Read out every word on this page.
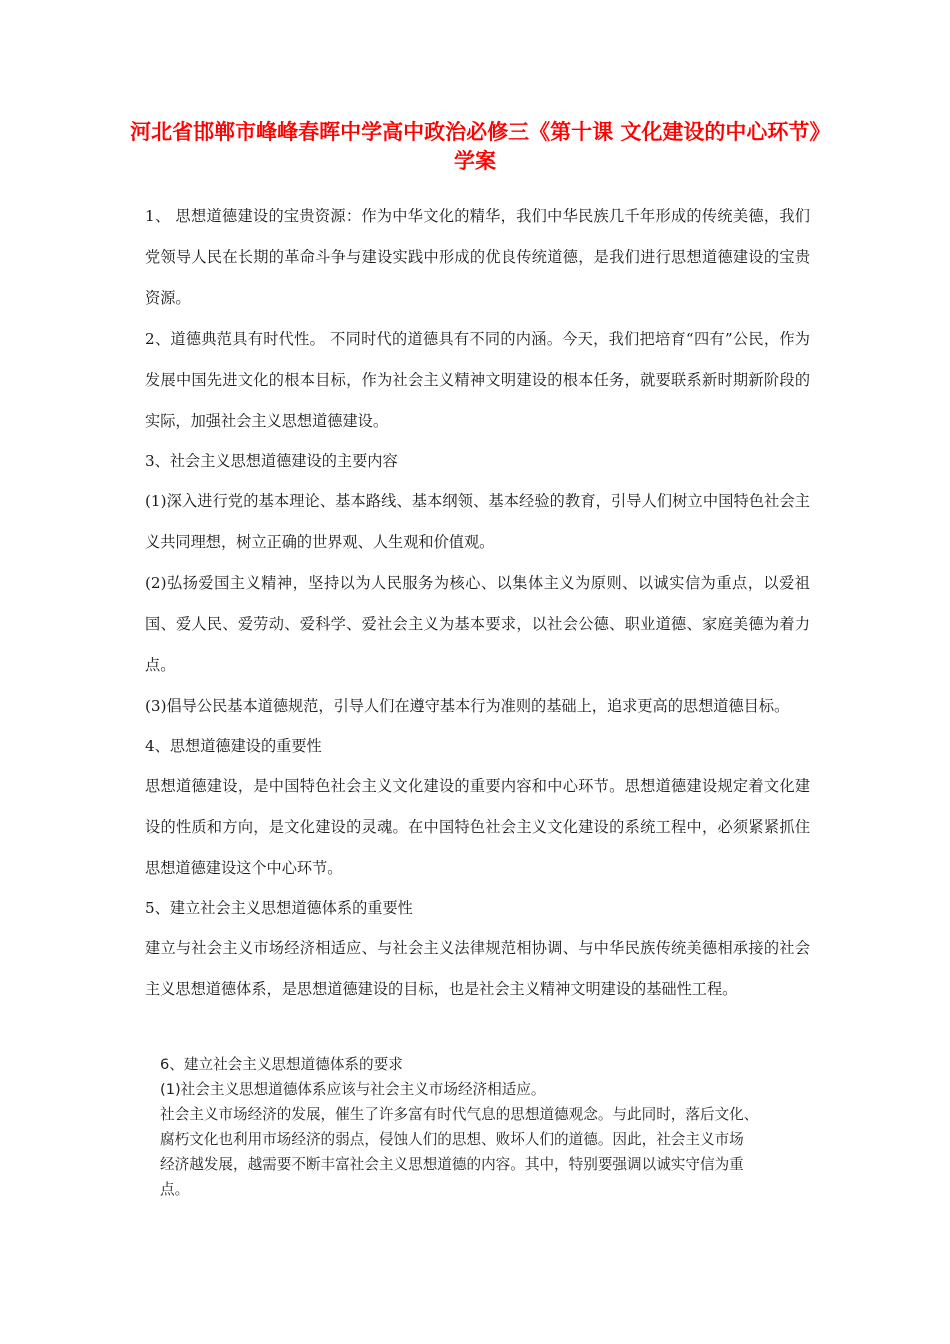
河北省邯郸市峰峰春晖中学高中政治必修三《第十课 文化建设的中心环节》学案

1、 思想道德建设的宝贵资源：作为中华文化的精华，我们中华民族几千年形成的传统美德，我们党领导人民在长期的革命斗争与建设实践中形成的优良传统道德，是我们进行思想道德建设的宝贵资源。

2、道德典范具有时代性。 不同时代的道德具有不同的内涵。今天，我们把培育“四有”公民，作为发展中国先进文化的根本目标，作为社会主义精神文明建设的根本任务，就要联系新时期新阶段的实际，加强社会主义思想道德建设。

3、社会主义思想道德建设的主要内容

(1)深入进行党的基本理论、基本路线、基本纲领、基本经验的教育，引导人们树立中国特色社会主义共同理想，树立正确的世界观、人生观和价值观。

(2)弘扬爱国主义精神，坚持以为人民服务为核心、以集体主义为原则、以诚实信为重点，以爱祖国、爱人民、爱劳动、爱科学、爱社会主义为基本要求，以社会公德、职业道德、家庭美德为着力点。

(3)倡导公民基本道德规范，引导人们在遵守基本行为准则的基础上，追求更高的思想道德目标。

4、思想道德建设的重要性

思想道德建设，是中国特色社会主义文化建设的重要内容和中心环节。思想道德建设规定着文化建设的性质和方向，是文化建设的灵魂。在中国特色社会主义文化建设的系统工程中，必须紧紧抓住思想道德建设这个中心环节。

5、建立社会主义思想道德体系的重要性

建立与社会主义市场经济相适应、与社会主义法律规范相协调、与中华民族传统美德相承接的社会主义思想道德体系，是思想道德建设的目标，也是社会主义精神文明建设的基础性工程。

6、建立社会主义思想道德体系的要求

(1)社会主义思想道德体系应该与社会主义市场经济相适应。

社会主义市场经济的发展，催生了许多富有时代气息的思想道德观念。与此同时，落后文化、

腐朽文化也利用市场经济的弱点，侵蚀人们的思想、败坏人们的道德。因此，社会主义市场

经济越发展，越需要不断丰富社会主义思想道德的内容。其中，特别要强调以诚实守信为重

点。
